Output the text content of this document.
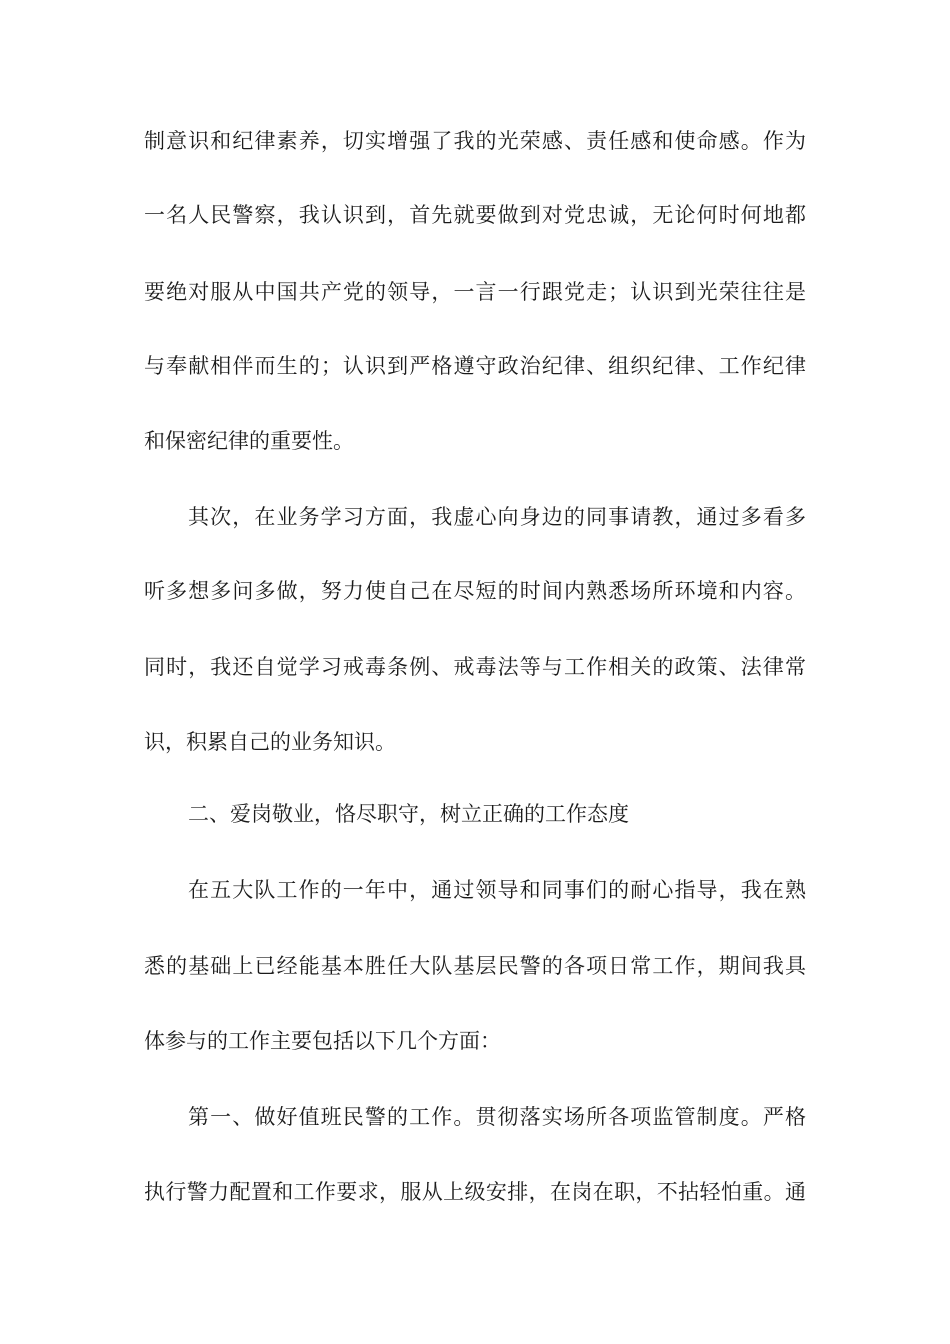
制意识和纪律素养，切实增强了我的光荣感、责任感和使命感。作为
一名人民警察，我认识到，首先就要做到对党忠诚，无论何时何地都
要绝对服从中国共产党的领导，一言一行跟党走；认识到光荣往往是
与奉献相伴而生的；认识到严格遵守政治纪律、组织纪律、工作纪律
和保密纪律的重要性。
其次，在业务学习方面，我虚心向身边的同事请教，通过多看多
听多想多问多做，努力使自己在尽短的时间内熟悉场所环境和内容。
同时，我还自觉学习戒毒条例、戒毒法等与工作相关的政策、法律常
识，积累自己的业务知识。
二、爱岗敬业，恪尽职守，树立正确的工作态度
在五大队工作的一年中，通过领导和同事们的耐心指导，我在熟
悉的基础上已经能基本胜任大队基层民警的各项日常工作，期间我具
体参与的工作主要包括以下几个方面：
第一、做好值班民警的工作。贯彻落实场所各项监管制度。严格
执行警力配置和工作要求，服从上级安排，在岗在职，不拈轻怕重。通
